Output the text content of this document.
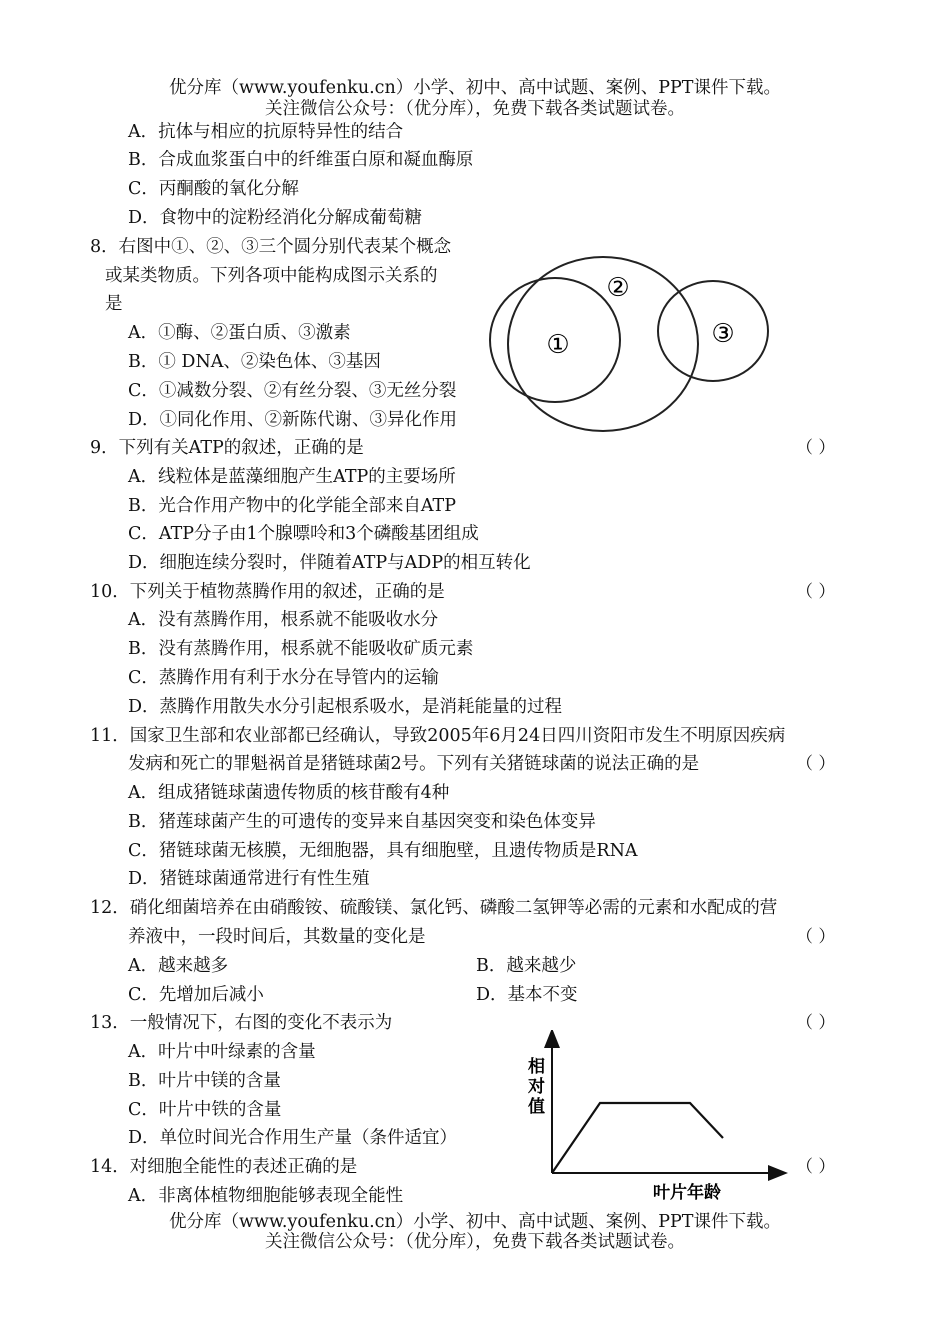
优分库（www.youfenku.cn）小学、初中、高中试题、案例、PPT课件下载。
关注微信公众号：（优分库），免费下载各类试题试卷。
A．抗体与相应的抗原特异性的结合
B．合成血浆蛋白中的纤维蛋白原和凝血酶原
C．丙酮酸的氧化分解
D．食物中的淀粉经消化分解成葡萄糖
8．右图中①、②、③三个圆分别代表某个概念
或某类物质。下列各项中能构成图示关系的
是
A．①酶、②蛋白质、③激素
B．① DNA、②染色体、③基因
C．①减数分裂、②有丝分裂、③无丝分裂
D．①同化作用、②新陈代谢、③异化作用
①
②
③
9．下列有关ATP的叙述，正确的是	（ ）
A．线粒体是蓝藻细胞产生ATP的主要场所
B．光合作用产物中的化学能全部来自ATP
C．ATP分子由1个腺嘌呤和3个磷酸基团组成
D．细胞连续分裂时，伴随着ATP与ADP的相互转化
10．下列关于植物蒸腾作用的叙述，正确的是	（ ）
A．没有蒸腾作用，根系就不能吸收水分
B．没有蒸腾作用，根系就不能吸收矿质元素
C．蒸腾作用有利于水分在导管内的运输
D．蒸腾作用散失水分引起根系吸水，是消耗能量的过程
11．国家卫生部和农业部都已经确认，导致2005年6月24日四川资阳市发生不明原因疾病
发病和死亡的罪魁祸首是猪链球菌2号。下列有关猪链球菌的说法正确的是	（ ）
A．组成猪链球菌遗传物质的核苷酸有4种
B．猪莲球菌产生的可遗传的变异来自基因突变和染色体变异
C．猪链球菌无核膜，无细胞器，具有细胞壁，且遗传物质是RNA
D．猪链球菌通常进行有性生殖
12．硝化细菌培养在由硝酸铵、硫酸镁、氯化钙、磷酸二氢钾等必需的元素和水配成的营
养液中，一段时间后，其数量的变化是	（ ）
A．越来越多	B．越来越少
C．先增加后减小	D．基本不变
13．一般情况下，右图的变化不表示为	（ ）
A．叶片中叶绿素的含量
B．叶片中镁的含量
C．叶片中铁的含量
D．单位时间光合作用生产量（条件适宜）
相
对
值
叶片年龄
14．对细胞全能性的表述正确的是	（ ）
A．非离体植物细胞能够表现全能性
优分库（www.youfenku.cn）小学、初中、高中试题、案例、PPT课件下载。
关注微信公众号：（优分库），免费下载各类试题试卷。
